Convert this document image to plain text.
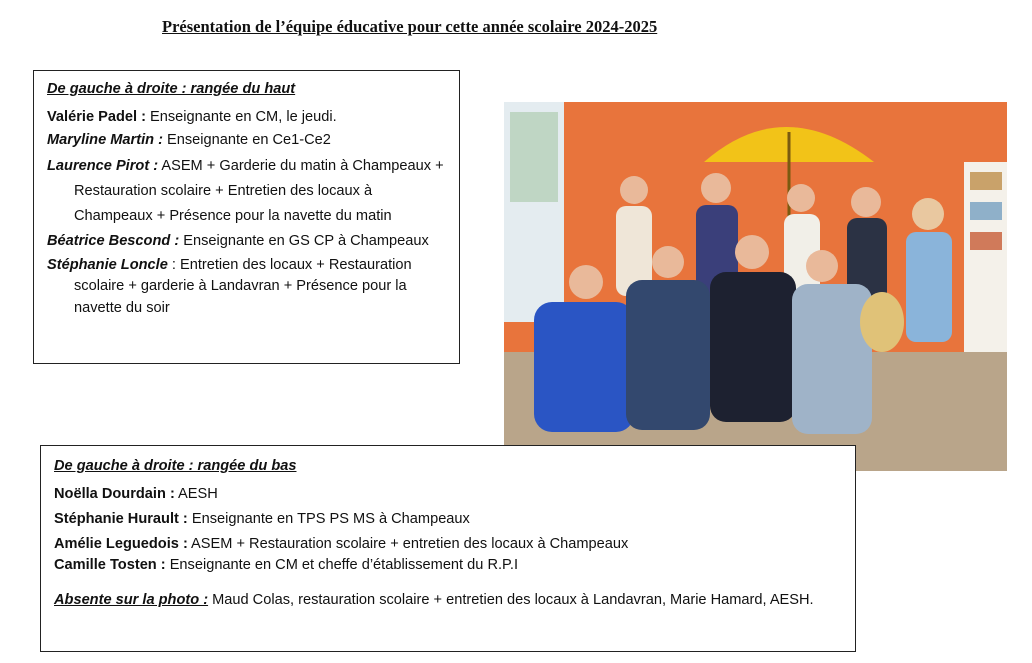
Présentation de l’équipe éducative pour cette année scolaire 2024-2025
De gauche à droite : rangée du haut
Valérie Padel : Enseignante en CM, le jeudi.
Maryline Martin : Enseignante en Ce1-Ce2
Laurence Pirot : ASEM + Garderie du matin à Champeaux + Restauration scolaire + Entretien des locaux à Champeaux + Présence pour la navette du matin
Béatrice Bescond : Enseignante en GS CP à Champeaux
Stéphanie Loncle : Entretien des locaux + Restauration scolaire + garderie à Landavran + Présence pour la navette du soir
De gauche à droite : rangée du bas
Noëlla Dourdain : AESH
Stéphanie Hurault : Enseignante en TPS PS MS à Champeaux
Amélie Leguedois : ASEM + Restauration scolaire + entretien des locaux à Champeaux
Camille Tosten : Enseignante en CM et cheffe d’établissement du R.P.I
Absente sur la photo : Maud Colas, restauration scolaire + entretien des locaux à Landavran, Marie Hamard, AESH.
